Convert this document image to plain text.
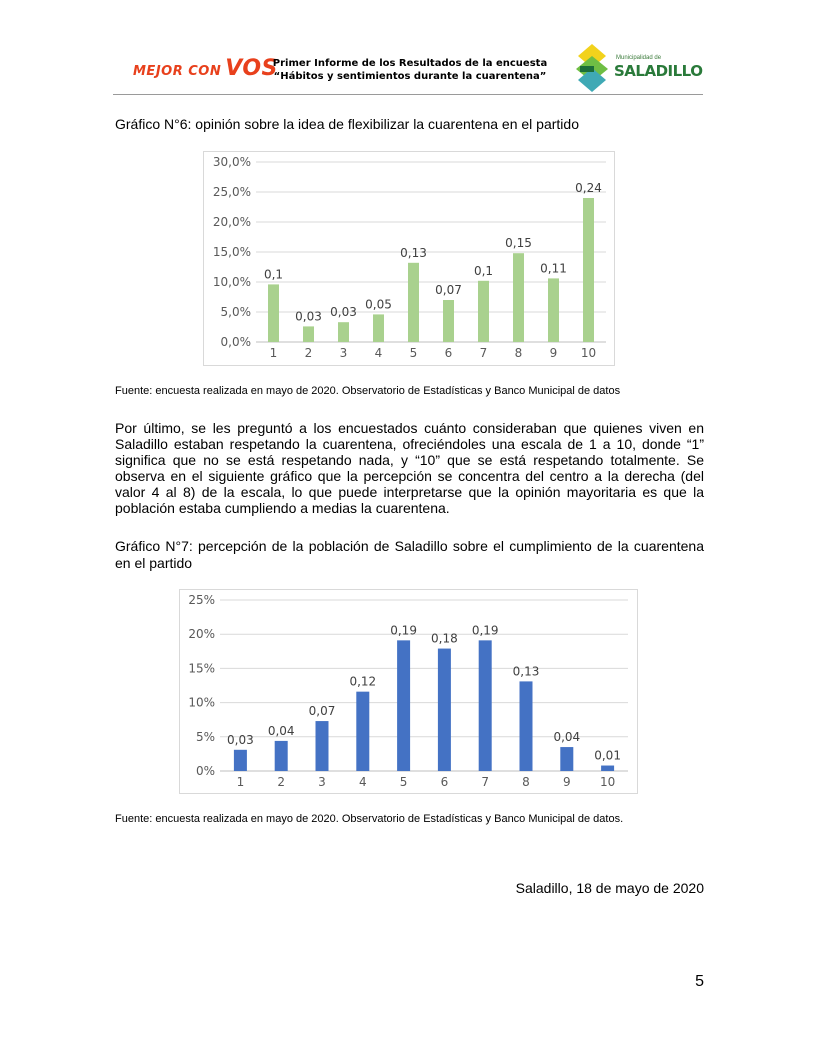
MEJOR CON VOS
Primer Informe de los Resultados de la encuesta
“Hábitos y sentimientos durante la cuarentena”
Municipalidad de
SALADILLO
Gráfico N°6: opinión sobre la idea de flexibilizar la cuarentena en el partido
0,0%
5,0%
10,0%
15,0%
20,0%
25,0%
30,0%
0,1
1
0,03
2
0,03
3
0,05
4
0,13
5
0,07
6
0,1
7
0,15
8
0,11
9
0,24
10
Fuente: encuesta realizada en mayo de 2020. Observatorio de Estadísticas y Banco Municipal de datos
Por último, se les preguntó a los encuestados cuánto consideraban que quienes viven en Saladillo estaban respetando la cuarentena, ofreciéndoles una escala de 1 a 10, donde “1” significa que no se está respetando nada, y “10” que se está respetando totalmente. Se observa en el siguiente gráfico que la percepción se concentra del centro a la derecha (del valor 4 al 8) de la escala, lo que puede interpretarse que la opinión mayoritaria es que la población estaba cumpliendo a medias la cuarentena.
Gráfico N°7: percepción de la población de Saladillo sobre el cumplimiento de la cuarentena en el partido
0%
5%
10%
15%
20%
25%
0,03
1
0,04
2
0,07
3
0,12
4
0,19
5
0,18
6
0,19
7
0,13
8
0,04
9
0,01
10
Fuente: encuesta realizada en mayo de 2020. Observatorio de Estadísticas y Banco Municipal de datos.
Saladillo, 18 de mayo de 2020
5
